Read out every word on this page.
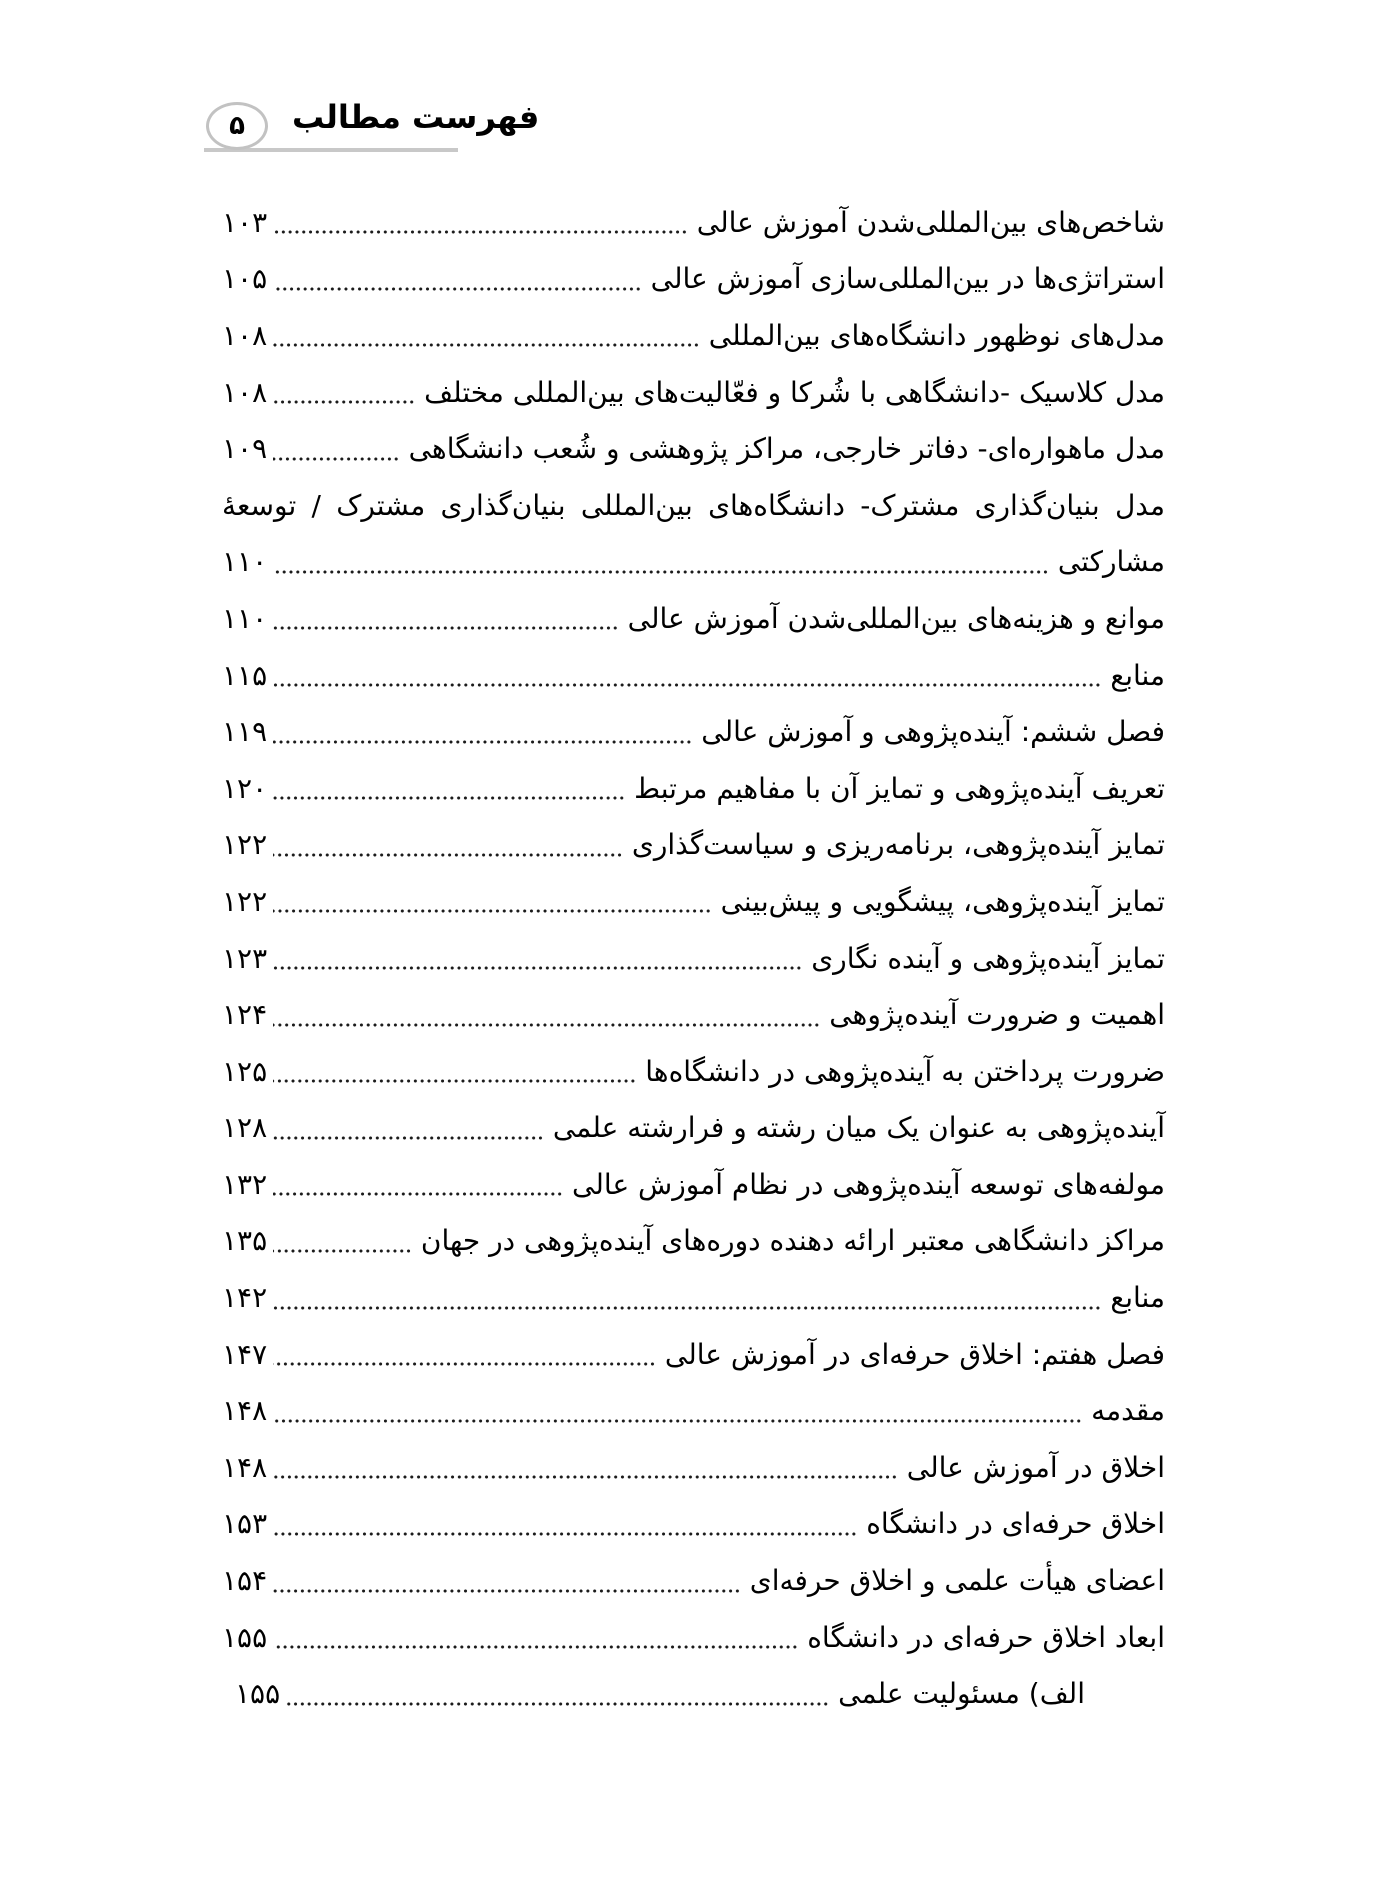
۵ فهرست مطالب
شاخص‌های بین‌المللی‌شدن آموزش عالی
۱۰۳
استراتژی‌ها در بین‌المللی‌سازی آموزش عالی
۱۰۵
مدل‌های نوظهور دانشگاه‌های بین‌المللی
۱۰۸
مدل کلاسیک -دانشگاهی با شُرکا و فعّالیت‌های بین‌المللی مختلف
۱۰۸
مدل ماهواره‌ای- دفاتر خارجی، مراکز پژوهشی و شُعب دانشگاهی
۱۰۹
مدل بنیان‌گذاری مشترک- دانشگاه‌های بین‌المللی بنیان‌گذاری مشترک / توسعهٔ
مشارکتی
۱۱۰
موانع و هزینه‌های بین‌المللی‌شدن آموزش عالی
۱۱۰
منابع
۱۱۵
فصل ششم: آینده‌پژوهی و آموزش عالی
۱۱۹
تعریف آینده‌پژوهی و تمایز آن با مفاهیم مرتبط
۱۲۰
تمایز آینده‌پژوهی، برنامه‌ریزی و سیاست‌گذاری
۱۲۲
تمایز آینده‌پژوهی، پیشگویی و پیش‌بینی
۱۲۲
تمایز آینده‌پژوهی و آینده نگاری
۱۲۳
اهمیت و ضرورت آینده‌پژوهی
۱۲۴
ضرورت پرداختن به آینده‌پژوهی در دانشگاه‌ها
۱۲۵
آینده‌پژوهی به عنوان یک میان رشته و فرارشته علمی
۱۲۸
مولفه‌های توسعه آینده‌پژوهی در نظام آموزش عالی
۱۳۲
مراکز دانشگاهی معتبر ارائه دهنده دوره‌های آینده‌پژوهی در جهان
۱۳۵
منابع
۱۴۲
فصل هفتم: اخلاق حرفه‌ای در آموزش عالی
۱۴۷
مقدمه
۱۴۸
اخلاق در آموزش عالی
۱۴۸
اخلاق حرفه‌ای در دانشگاه
۱۵۳
اعضای هیأت علمی و اخلاق حرفه‌ای
۱۵۴
ابعاد اخلاق حرفه‌ای در دانشگاه
۱۵۵
الف) مسئولیت علمی
۱۵۵
